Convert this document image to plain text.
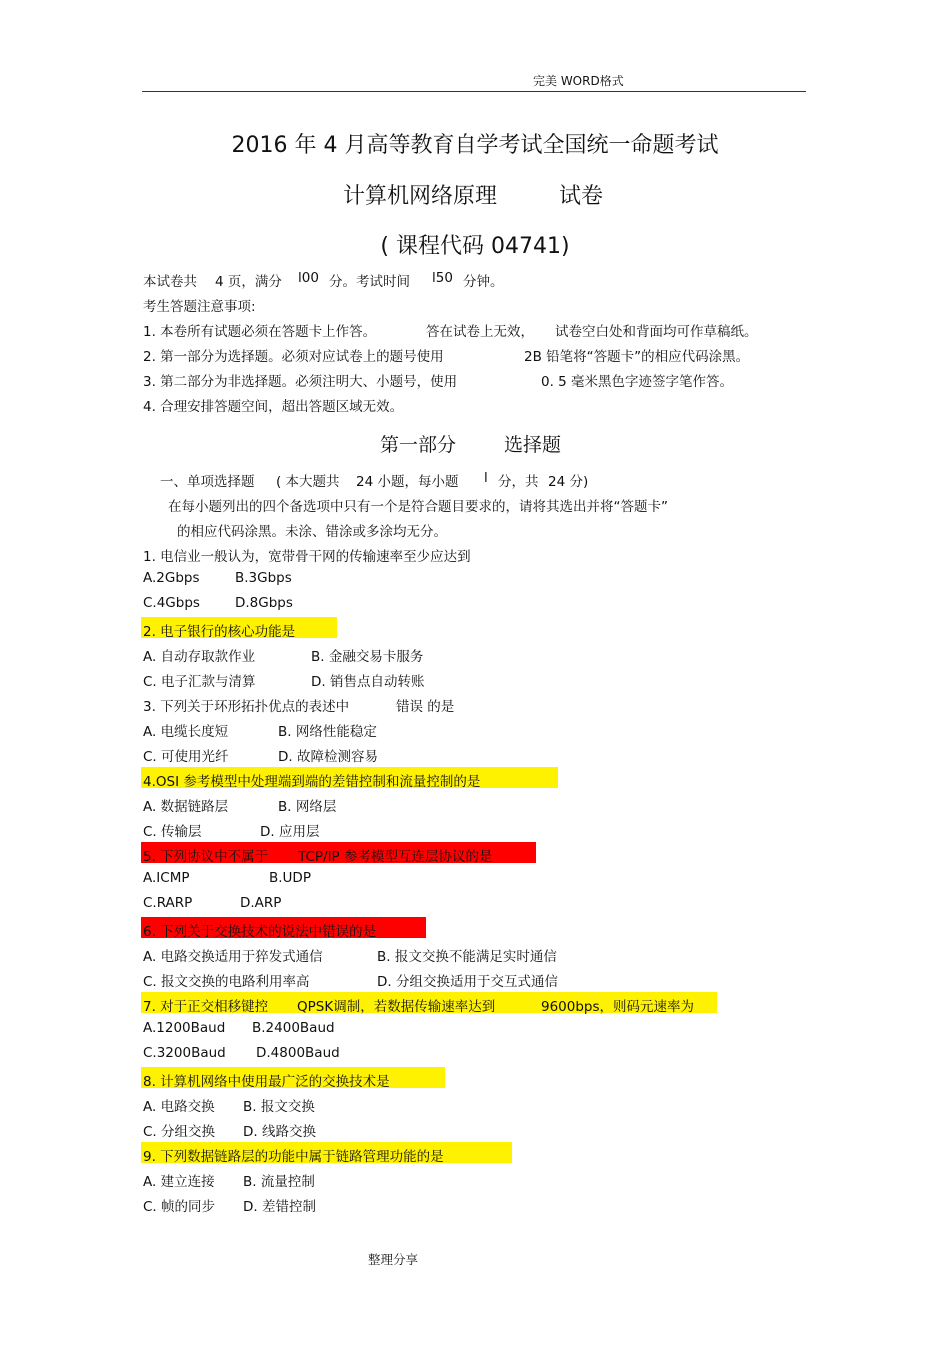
完美 WORD格式
2016 年 4 月高等教育自学考试全国统一命题考试
计算机网络原理	试卷
( 课程代码 04741)
本试卷共 4 页，满分 l00 分。考试时间 l50 分钟。
考生答题注意事项:
1. 本卷所有试题必须在答题卡上作答。	答在试卷上无效， 试卷空白处和背面均可作草稿纸。
2. 第一部分为选择题。必须对应试卷上的题号使用	2B 铅笔将“答题卡”的相应代码涂黑。
3. 第二部分为非选择题。必须注明大、小题号，使用	0. 5 毫米黑色字迹签字笔作答。
4. 合理安排答题空间，超出答题区域无效。
第一部分	选择题
一、单项选择题 ( 本大题共 24 小题，每小题 l 分，共 24 分)
在每小题列出的四个备选项中只有一个是符合题目要求的，请将其选出并将“答题卡”
的相应代码涂黑。未涂、错涂或多涂均无分。
1. 电信业一般认为，宽带骨干网的传输速率至少应达到
A.2Gbps	B.3Gbps
C.4Gbps	D.8Gbps
2. 电子银行的核心功能是
A. 自动存取款作业	B. 金融交易卡服务
C. 电子汇款与清算	D. 销售点自动转账
3. 下列关于环形拓扑优点的表述中	错误 的是
A. 电缆长度短	B. 网络性能稳定
C. 可使用光纤	D. 故障检测容易
4.OSI 参考模型中处理端到端的差错控制和流量控制的是
A. 数据链路层	B. 网络层
C. 传输层	D. 应用层
5. 下列协议中不属于 TCP/IP 参考模型互连层协议的是
A.ICMP	B.UDP
C.RARP	D.ARP
6. 下列关于交换技术的说法中错误的是
A. 电路交换适用于猝发式通信	B. 报文交换不能满足实时通信
C. 报文交换的电路利用率高	D. 分组交换适用于交互式通信
7. 对于正交相移键控 QPSK调制，若数据传输速率达到	9600bps，则码元速率为
A.1200Baud B.2400Baud
C.3200Baud D.4800Baud
8. 计算机网络中使用最广泛的交换技术是
A. 电路交换 B. 报文交换
C. 分组交换 D. 线路交换
9. 下列数据链路层的功能中属于链路管理功能的是
A. 建立连接 B. 流量控制
C. 帧的同步 D. 差错控制
整理分享
